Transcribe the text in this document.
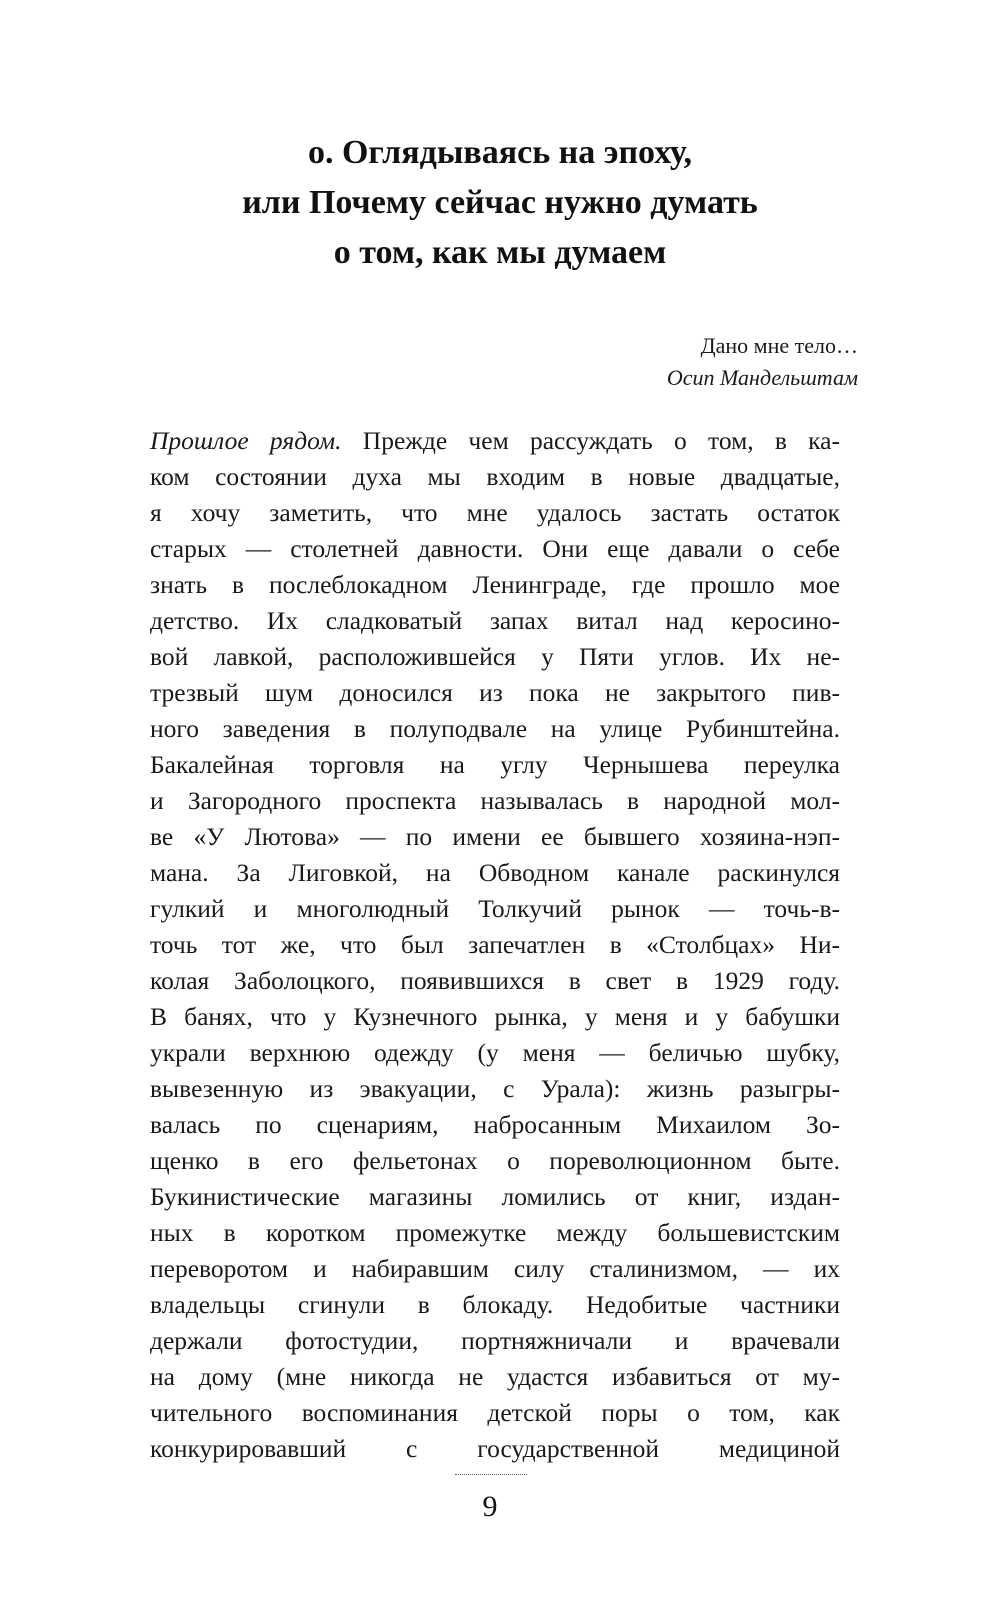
о. Оглядываясь на эпоху,
или Почему сейчас нужно думать
о том, как мы думаем
Дано мне тело…
Осип Мандельштам
Прошлое рядом. Прежде чем рассуждать о том, в ка-
ком состоянии духа мы входим в новые двадцатые,
я хочу заметить, что мне удалось застать остаток
старых — столетней давности. Они еще давали о себе
знать в послеблокадном Ленинграде, где прошло мое
детство. Их сладковатый запах витал над керосино-
вой лавкой, расположившейся у Пяти углов. Их не-
трезвый шум доносился из пока не закрытого пив-
ного заведения в полуподвале на улице Рубинштейна.
Бакалейная торговля на углу Чернышева переулка
и Загородного проспекта называлась в народной мол-
ве «У Лютова» — по имени ее бывшего хозяина-нэп-
мана. За Лиговкой, на Обводном канале раскинулся
гулкий и многолюдный Толкучий рынок — точь-в-
точь тот же, что был запечатлен в «Столбцах» Ни-
колая Заболоцкого, появившихся в свет в 1929 году.
В банях, что у Кузнечного рынка, у меня и у бабушки
украли верхнюю одежду (у меня — беличью шубку,
вывезенную из эвакуации, с Урала): жизнь разыгры-
валась по сценариям, набросанным Михаилом Зо-
щенко в его фельетонах о пореволюционном быте.
Букинистические магазины ломились от книг, издан-
ных в коротком промежутке между большевистским
переворотом и набиравшим силу сталинизмом, — их
владельцы сгинули в блокаду. Недобитые частники
держали фотостудии, портняжничали и врачевали
на дому (мне никогда не удастся избавиться от му-
чительного воспоминания детской поры о том, как
конкурировавший с государственной медициной
9
